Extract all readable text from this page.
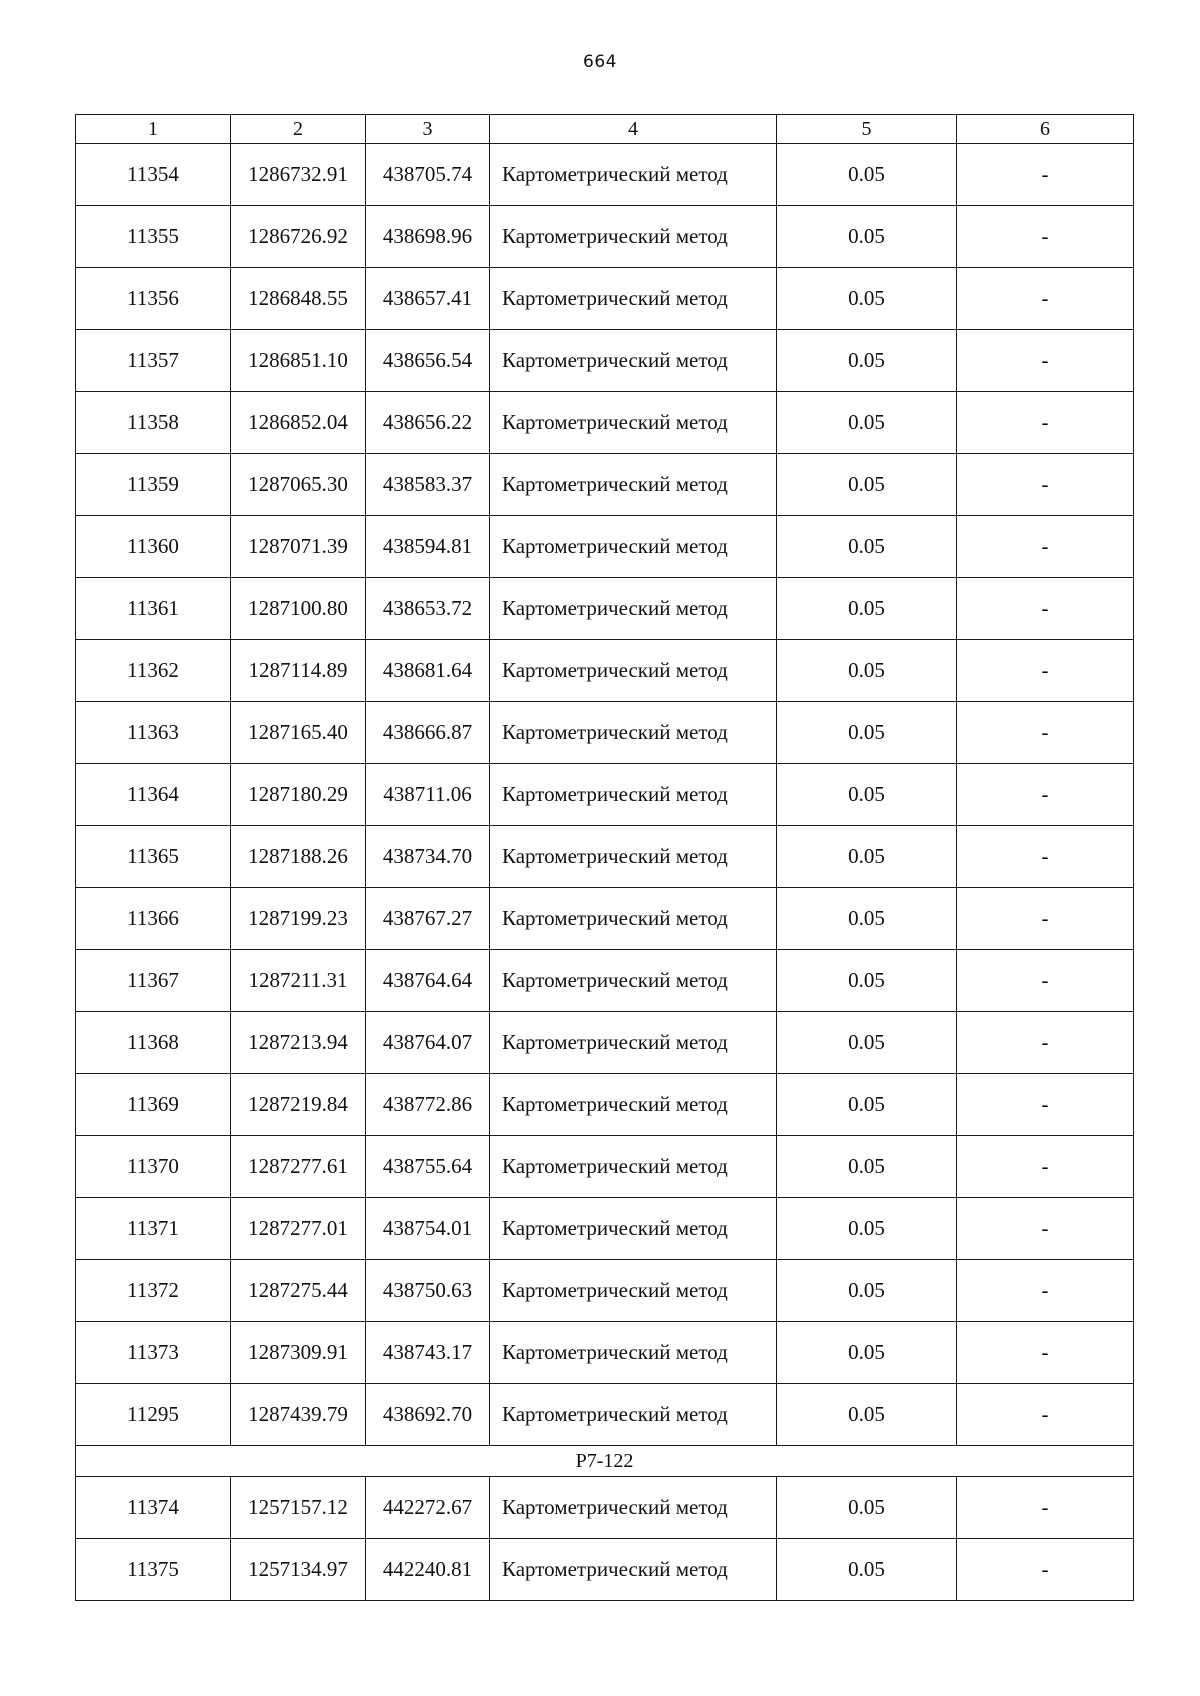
664
1	2	3	4	5	6
11354	1286732.91	438705.74	Картометрический метод	0.05	-
11355	1286726.92	438698.96	Картометрический метод	0.05	-
11356	1286848.55	438657.41	Картометрический метод	0.05	-
11357	1286851.10	438656.54	Картометрический метод	0.05	-
11358	1286852.04	438656.22	Картометрический метод	0.05	-
11359	1287065.30	438583.37	Картометрический метод	0.05	-
11360	1287071.39	438594.81	Картометрический метод	0.05	-
11361	1287100.80	438653.72	Картометрический метод	0.05	-
11362	1287114.89	438681.64	Картометрический метод	0.05	-
11363	1287165.40	438666.87	Картометрический метод	0.05	-
11364	1287180.29	438711.06	Картометрический метод	0.05	-
11365	1287188.26	438734.70	Картометрический метод	0.05	-
11366	1287199.23	438767.27	Картометрический метод	0.05	-
11367	1287211.31	438764.64	Картометрический метод	0.05	-
11368	1287213.94	438764.07	Картометрический метод	0.05	-
11369	1287219.84	438772.86	Картометрический метод	0.05	-
11370	1287277.61	438755.64	Картометрический метод	0.05	-
11371	1287277.01	438754.01	Картометрический метод	0.05	-
11372	1287275.44	438750.63	Картометрический метод	0.05	-
11373	1287309.91	438743.17	Картометрический метод	0.05	-
11295	1287439.79	438692.70	Картометрический метод	0.05	-
Р7-122					
11374	1257157.12	442272.67	Картометрический метод	0.05	-
11375	1257134.97	442240.81	Картометрический метод	0.05	-
